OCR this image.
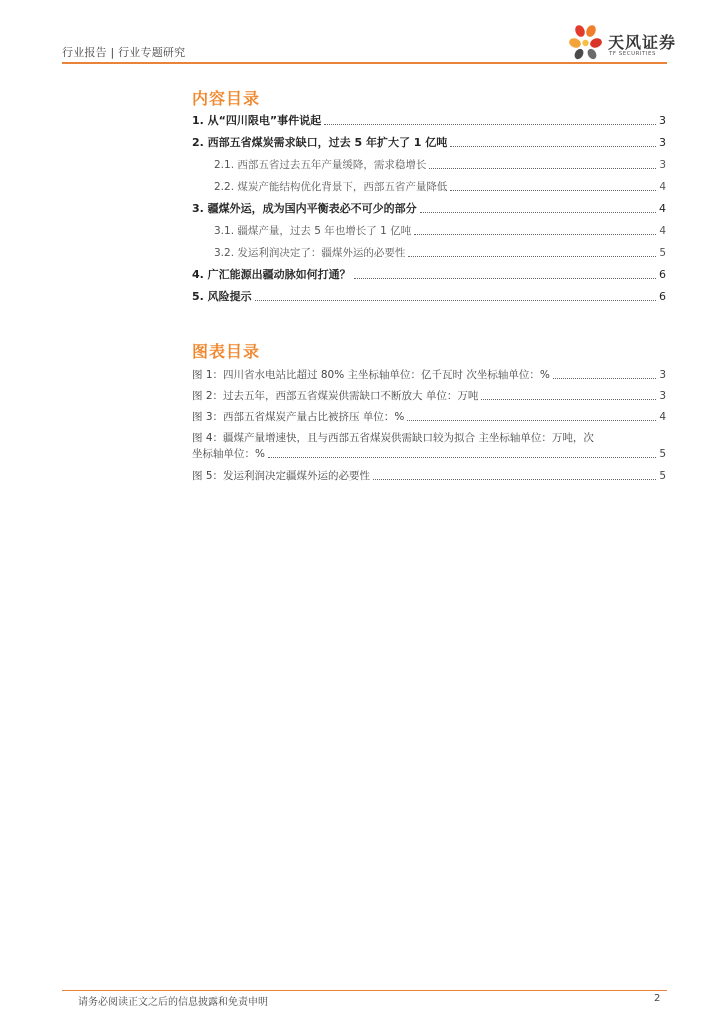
行业报告 | 行业专题研究
天风证券
TF SECURITIES
内容目录
1. 从“四川限电”事件说起	3
2. 西部五省煤炭需求缺口，过去 5 年扩大了 1 亿吨	3
2.1. 西部五省过去五年产量缓降，需求稳增长	3
2.2. 煤炭产能结构优化背景下，西部五省产量降低	4
3. 疆煤外运，成为国内平衡表必不可少的部分	4
3.1. 疆煤产量，过去 5 年也增长了 1 亿吨	4
3.2. 发运利润决定了：疆煤外运的必要性	5
4. 广汇能源出疆动脉如何打通？	6
5. 风险提示	6
图表目录
图 1：四川省水电站比超过 80% 主坐标轴单位：亿千瓦时 次坐标轴单位：%	3
图 2：过去五年，西部五省煤炭供需缺口不断放大 单位：万吨	3
图 3：西部五省煤炭产量占比被挤压 单位：%	4
图 4：疆煤产量增速快，且与西部五省煤炭供需缺口较为拟合 主坐标轴单位：万吨，次
坐标轴单位：%	5
图 5：发运利润决定疆煤外运的必要性	5
请务必阅读正文之后的信息披露和免责申明	2
